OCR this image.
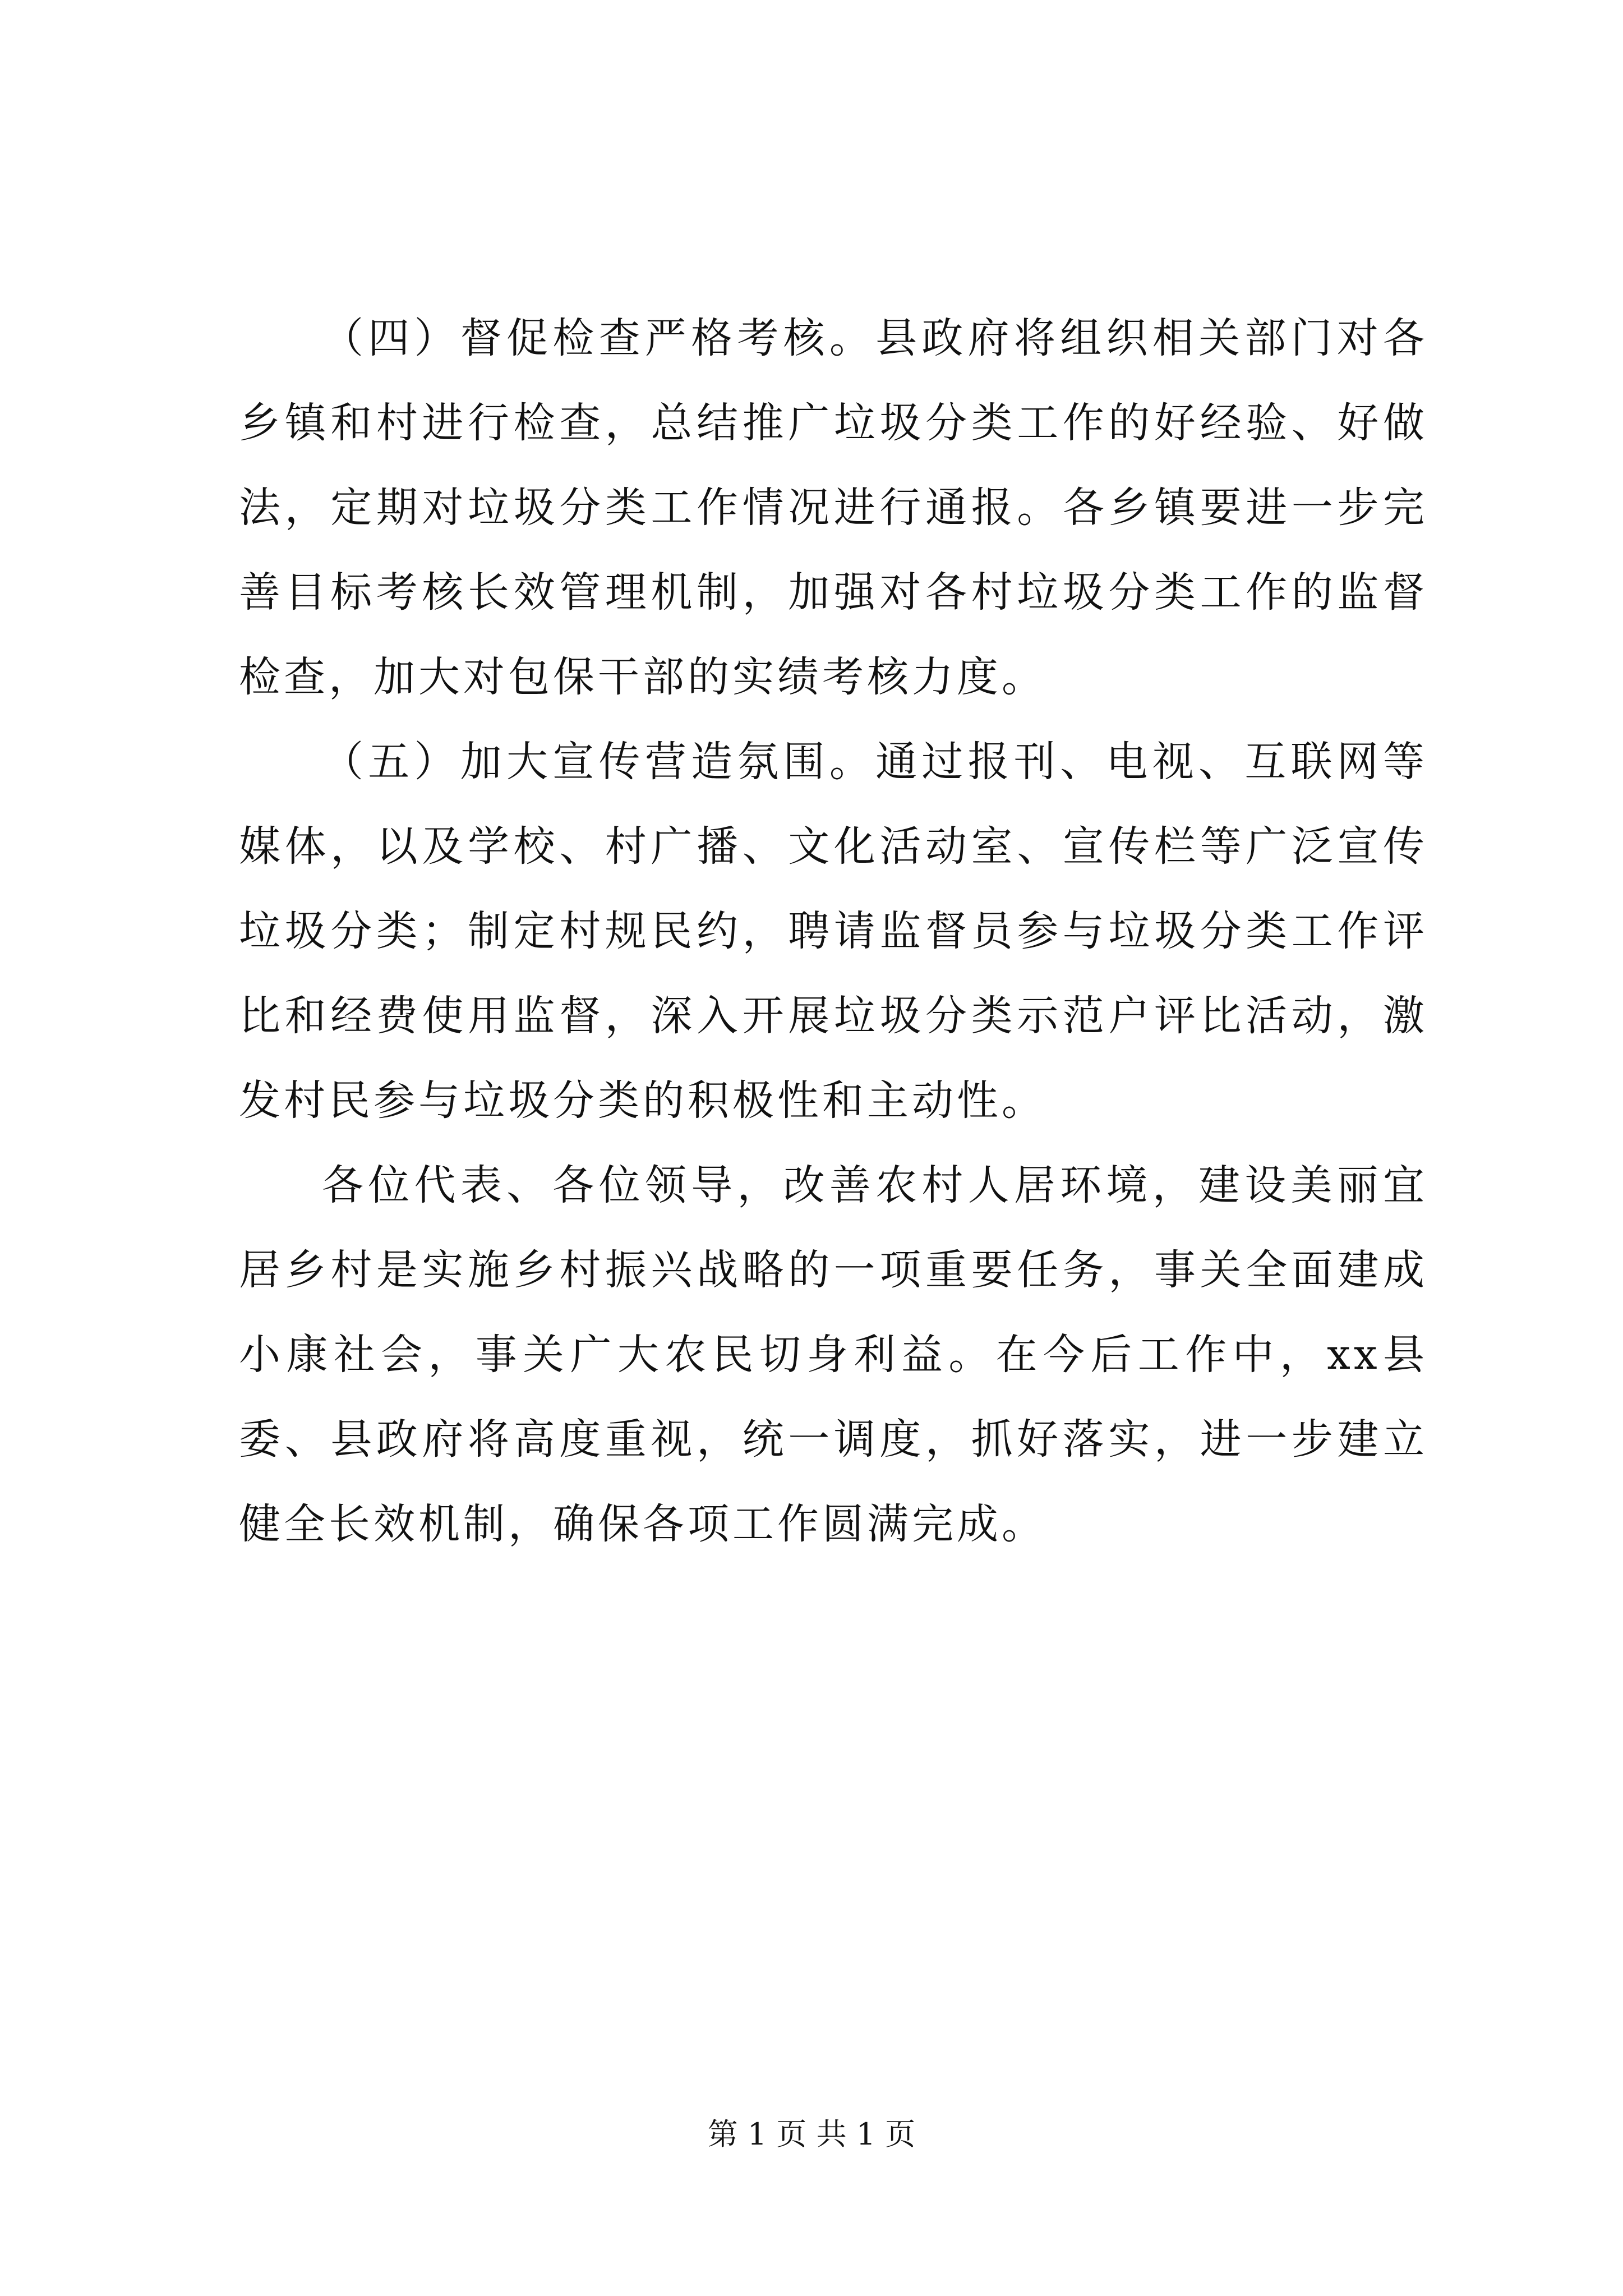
（四）督促检查严格考核。县政府将组织相关部门对各乡镇和村进行检查，总结推广垃圾分类工作的好经验、好做法，定期对垃圾分类工作情况进行通报。各乡镇要进一步完善目标考核长效管理机制，加强对各村垃圾分类工作的监督检查，加大对包保干部的实绩考核力度。

（五）加大宣传营造氛围。通过报刊、电视、互联网等媒体，以及学校、村广播、文化活动室、宣传栏等广泛宣传垃圾分类；制定村规民约，聘请监督员参与垃圾分类工作评比和经费使用监督，深入开展垃圾分类示范户评比活动，激发村民参与垃圾分类的积极性和主动性。

各位代表、各位领导，改善农村人居环境，建设美丽宜居乡村是实施乡村振兴战略的一项重要任务，事关全面建成小康社会，事关广大农民切身利益。在今后工作中，xx县委、县政府将高度重视，统一调度，抓好落实，进一步建立健全长效机制，确保各项工作圆满完成。

第 1 页 共 1 页
